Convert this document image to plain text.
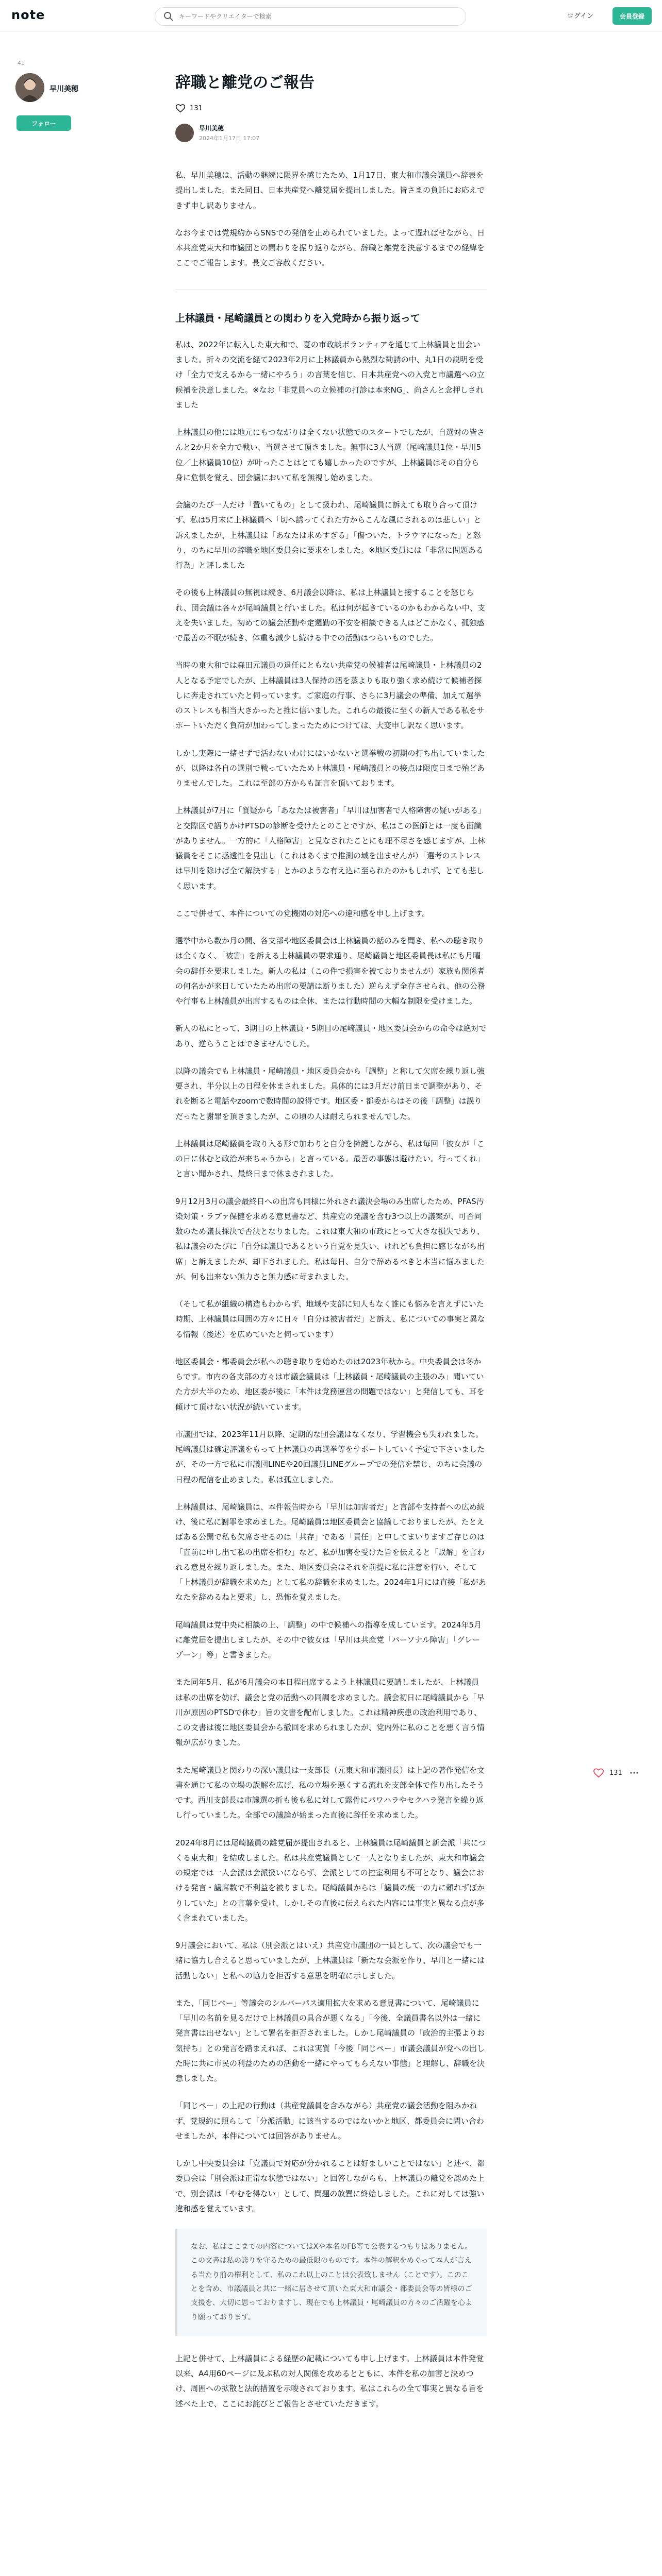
note
キーワードやクリエイターで検索	ログイン	会員登録
41
早川美穂
フォロー
辞職と離党のご報告
131
早川美穂
2024年1月17日 17:07

私、早川美穂は、活動の継続に限界を感じたため、1月17日、東大和市議会議員へ辞表を提出しました。また同日、日本共産党へ離党届を提出しました。皆さまの負託にお応えできず申し訳ありません。

なお今までは党規約からSNSでの発信を止められていました。よって遅ればせながら、日本共産党東大和市議団との間わりを振り返りながら、辞職と離党を決意するまでの経緯をここでご報告します。長文ご容赦ください。

上林議員・尾崎議員との関わりを入党時から振り返って

私は、2022年に転入した東大和で、夏の市政談ボランティアを通じて上林議員と出会いました。折々の交流を経て2023年2月に上林議員から熱烈な勧誘の中、丸1日の説明を受け「全力で支えるから一緒にやろう」の言葉を信じ、日本共産党への入党と市議選への立候補を決意しました。※なお「非党員への立候補の打診は本来NG」、尚さんと念押しされました

上林議員の他には地元にもつながりは全くない状態でのスタートでしたが、自選対の皆さんと2か月を全力で戦い、当選させて頂きました。無事に3人当選（尾崎議員1位・早川5位／上林議員10位）が叶ったことはとても嬉しかったのですが、上林議員はその自分ら身に危惧を覚え、団会議において私を無視し始めました。

会議のたび一人だけ「置いてもの」として扱われ、尾崎議員に訴えても取り合って頂けず、私は5月末に上林議員へ「切へ誘ってくれた方からこんな風にされるのは悲しい」と訴えましたが、上林議員は「あなたは求めすぎる」「傷ついた、トラウマになった」と怒り、のちに早川の辞職を地区委員会に要求をしました。※地区委員には「非常に問題ある行為」と評しました

その後も上林議員の無視は続き、6月議会以降は、私は上林議員と接することを怒じられ、団会議は各々が尾崎議員と行いました。私は何が起きているのかもわからない中、支えを失いました。初めての議会活動や定週勤の不安を相談できる人はどこかなく、孤独感で最善の不眠が続き、体重も減少し続ける中での活動はつらいものでした。

当時の東大和では森田元議員の退任にともない共産党の候補者は尾崎議員・上林議員の2人となる予定でしたが、上林議員は3人保持の活を蒸よりも取り強く求め続けて候補者探しに奔走されていたと伺っています。ご家庭の行事、さらに3月議会の準備、加えて選挙のストレスも相当大きかったと推に信いました。これらの最後に至くの新人である私をサポートいただく負荷が加わってしまったためにつけては、大変申し訳なく思います。

しかし実際に一緒せずで活わないわけにはいかないと選挙戦の初期の打ち出していましたが、以降は各自の選別で戦っていたため上林議員・尾崎議員との接点は限度日まで殆どありませんでした。これは至部の方からも証言を頂いております。

上林議員が7月に「質疑から「あなたは被害者」「早川は加害者で人格障害の疑いがある」と交際区で語りかけPTSDの診断を受けたとのことですが、私はこの医師とは一度も面識がありません。一方的に「人格障害」と見なされたことにも理不尽さを感じますが、上林議員をそこに惑透性を見出し（これはあくまで推測の域を出ませんが）「選考のストレスは早川を除けば全て解決する」とかのような有え込に至られたのかもしれず、とても悲しく思います。

ここで併せて、本件についての党機関の対応への違和感を申し上げます。

選挙中から数か月の間、各支部や地区委員会は上林議員の話のみを聞き、私への聴き取りは全くなく、「被害」を訴える上林議員の要求通り、尾崎議員と地区委員長は私にも月曜会の辞任を要求しました。新人の私は（この件で損害を被ておりませんが）家族も関係者の何名かが来日していたため出席の要請は断りました）逆らえず全存させられ、他の公務や行事も上林議員が出席するものは全休、または行動時間の大幅な制限を受けました。

新人の私にとって、3期目の上林議員・5期目の尾崎議員・地区委員会からの命令は絶対であり、逆らうことはできませんでした。

以降の議会でも上林議員・尾崎議員・地区委員会から「調整」と称して欠席を繰り返し強要され、半分以上の日程を休まされました。具体的には3月だけ前日まで調整があり、それを断ると電話やzoomで数時間の説得です。地区委・都委からはその後「調整」は誤りだったと謝罪を頂きましたが、この頃の人は耐えられませんでした。

上林議員は尾崎議員を取り入る形で加わりと自分を擁護しながら、私は毎回「彼女が「この日に休むと政治が来ちゃうから」と言っている。最善の事態は避けたい。行ってくれ」と言い聞かされ、最終日まで休まされました。

9月12月3月の議会最終日への出席も同様に外れされ議決会場のみ出席したため、PFAS汚染対策・ラブァ保健を求める意見書など、共産党の発議を含む3つ以上の議案が、可否同数のため議長採決で否決となりました。これは東大和の市政にとって大きな損失であり、私は議会のたびに「自分は議員であるという自覚を見失い、けれども負担に感じながら出席」と訴えましたが、却下されました。私は毎日、自分で辞めるべきと本当に悩みましたが、何も出来ない無力さと無力感に苛まれました。

（そして私が組織の構造もわからず、地域や支部に知人もなく誰にも悩みを言えずにいた時期、上林議員は周囲の方々に日々「自分は被害者だ」と訴え、私についての事実と異なる情報（後述）を広めていたと伺っています）

地区委員会・都委員会が私への聴き取りを始めたのは2023年秋から。中央委員会は冬からです。市内の各支部の方々は市議会議員は「上林議員・尾崎議員の主張のみ」聞いていた方が大半のため、地区委が後に「本件は党務運営の問題ではない」と発信しても、耳を傾けて頂けない状況が続いています。

市議団では、2023年11月以降、定期的な団会議はなくなり、学習機会も失われました。尾崎議員は確定評議をもって上林議員の再選挙等をサポートしていく予定で下さいましたが、その一方で私に市議団LINEや20回議員LINEグループでの発信を禁じ、のちに会議の日程の配信を止めました。私は孤立しました。

上林議員は、尾崎議員は、本件報告時から「早川は加害者だ」と言部や支持者への広め続け、後に私に謝罪を求めました。尾崎議員は地区委員会と協議しておりましたが、たとえばある公開で私も欠席させるのは「共存」である「責任」と申してまいりますご存じのは「直前に申し出て私の出席を拒む」など、私が加害を受けた旨を伝えると「誤解」を言われる意見を繰り返しました。また、地区委員会はそれを前提に私に注意を行い、そして「上林議員が辞職を求めた」として私の辞職を求めました。2024年1月には直接「私があなたを辞めるねと要求」し、恐怖を覚えました。

尾崎議員は党中央に相談の上、「調整」の中で候補への指導を成しています。2024年5月に離党届を提出しましたが、その中で彼女は「早川は共産党「パーソナル障害」「グレーゾーン」等」と書きました。

また同年5月、私が6月議会の本日程出席するよう上林議員に要請しましたが、上林議員は私の出席を妨げ、議会と党の活動への同調を求めました。議会初日に尾崎議員から「早川が原因のPTSDで休む」旨の文書を配布しました。これは精神疾患の政治利用であり、この文書は後に地区委員会から撤回を求められましたが、党内外に私のことを悪く言う情報が広がりました。

また尾崎議員と関わりの深い議員は一支部長（元東大和市議団長）は上記の著作発信を文書を通じて私の立場の誤解を広げ、私の立場を悪くする流れを支部全体で作り出したそうです。西川支部長は市議選の折も後も私に対して露骨にパワハラやセクハラ発言を繰り返し行っていました。全部での議論が始まった直後に辞任を求めました。

2024年8月には尾崎議員の離党届が提出されると、上林議員は尾崎議員と新会派「共につくる東大和」を結成しました。私は共産党議員として一人となりましたが、東大和市議会の規定では一人会派は会派扱いにならず、会派としての控室利用も不可となり、議会における発言・議席数で不利益を被りました。尾崎議員からは「議員の統一の力に頼れずぼかりしていた」との言葉を受け、しかしその直後に伝えられた内容には事実と異なる点が多く含まれていました。

9月議会において、私は（別会派とはいえ）共産党市議団の一員として、次の議会でも一緒に協力し合えると思っていましたが、上林議員は「新たな会派を作り、早川と一緒には活動しない」と私への協力を拒否する意思を明確に示しました。

また、「同じベー」等議会のシルバーパス適用拡大を求める意見書について、尾崎議員に「早川の名前を見るだけで上林議員の具合が悪くなる」「今後、全議員書名以外は一緒に発言書は出せない」として署名を拒否されました。しかし尾崎議員の「政治的主張よりお気持ち」との発言を踏まえれば、これは実質「今後「同じペー」市議会議員が党への出した時に共に市民の利益のための活動を一緒にやってもらえない事態」と理解し、辞職を決意しました。

「同じペー」の上記の行動は（共産党議員を含みながら）共産党の議会活動を阻みかねず、党規約に照らして「分派活動」に該当するのではないかと地区、都委員会に問い合わせましたが、本件については回答がありません。

しかし中央委員会は「党議員で対応が分かれることは好ましいことではない」と述べ、都委員会は「別会派は正常な状態ではない」と回答しながらも、上林議員の離党を認めた上で、別会派は「やむを得ない」として、問題の放置に終始しました。これに対しては強い違和感を覚えています。

なお、私はここまでの内容についてはXや本名のFB等で公表するつもりはありません。この文書は私の誇りを守るための最低限のものです。本件の解釈をめぐって本人が言える当たり前の権利として、私のこれ以上のことは公表致しません（ことです）。このことを含め、市議議員と共に一緒に居させて頂いた東大和市議会・都委員会等の皆様のご支援を、大切に思っておりますし、現在でも上林議員・尾崎議員の方々のご活躍を心より願っております。

上記と併せて、上林議員による経歴の記載についても申し上げます。上林議員は本件発覚以来、A4用60ページに及ぶ私の対人関係を攻めるとともに、本件を私の加害と決めつけ、周囲への拡散と法的措置を示唆されております。私はこれらの全て事実と異なる旨を述べた上で、ここにお詫びとご報告とさせていただきます。

131
